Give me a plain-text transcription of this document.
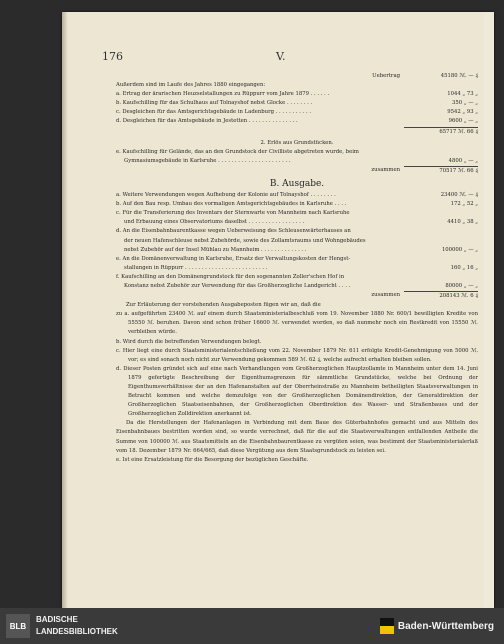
176	V.
Uebertrag	45180 ℳ. — ₰
Außerdem sind im Laufe des Jahres 1880 eingegangen:
a. Ertrag der ärarischen Heuzselstallungen zu Rüppurr vom Jahre 1879 . . . . . .	1044 „ 73 „
b. Kaufschilling für das Schulhaus auf Tolnayshof nebst Glocke . . . . . . . .	350 „ — „
c. Desgleichen für das Amtsgerichtsgebäude in Ladenburg . . . . . . . . . . .	9542 „ 93 „
d. Desgleichen für das Amtsgebäude in Jestetten . . . . . . . . . . . . . . .	9600 „ — „
65717 ℳ. 66 ₰
2. Erlös aus Grundstücken.
e. Kaufschilling für Gelände, das an den Grundstock der Civilliste abgetreten wurde, beim
Gymnasiumsgebäude in Karlsruhe . . . . . . . . . . . . . . . . . . . . . .	4800 „ — „
zusammen	70517 ℳ. 66 ₰
B. Ausgabe.
a. Weitere Verwendungen wegen Aufhebung der Kolonie auf Tolnayshof . . . . . . . .	23400 ℳ. — ₰
b. Auf den Bau resp. Umbau des vormaligen Amtsgerichtsgebäudes in Karlsruhe . . . .	172 „ 52 „
c. Für die Transferierung des Inventars der Sternwarte von Mannheim nach Karlsruhe
und Erbauung eines Observatoriums daselbst . . . . . . . . . . . . . . . . .	4410 „ 38 „
d. An die Eisenbahnbaurentkasse wegen Ueberweisung des Schleusenwärterhauses an
der neuen Hafenschleuse nebst Zubehörde, sowie des Zollamtsraums und Wohngebäudes
nebst Zubehör auf der Insel Mühlau zu Mannheim . . . . . . . . . . . . . .	100000 „ — „
e. An die Domänenverwaltung in Karlsruhe, Ersatz der Verwaltungskosten der Hengst-
stallungen in Rüppurr . . . . . . . . . . . . . . . . . . . . . . . . .	160 „ 16 „
f. Kaufschilling an den Domänengrundstock für den sogenannten Zoller'schen Hof in
Konstanz nebst Zubehör zur Verwendung für das Großherzogliche Landgericht . . . .	80000 „ — „
zusammen	208143 ℳ. 6 ₰
Zur Erläuterung der vorstehenden Ausgabeposten fügen wir an, daß die
zu a. aufgeführten 23400 ℳ. auf einem durch Staatsministerialbeschluß vom 19. November 1880 Nr. 600/1 bewilligten Kredite von 55550 ℳ. beruhen. Davon sind schon früher 16600 ℳ. verwendet worden, so daß nunmehr noch ein Restkredit von 15550 ℳ. verbleiben würde.
b. Wird durch die betreffenden Verwendungen belegt.
c. Hier liegt eine durch Staatsministerialentschließung vom 22. November 1879 Nr. 611 erfolgte Kredit-Genehmigung von 5000 ℳ. vor; es sind sonach noch nicht zur Verwendung gekommen 589 ℳ. 62 ₰, welche aufrecht erhalten bleiben sollen.
d. Dieser Posten gründet sich auf eine nach Verhandlungen vom Großherzoglichen Hauptzollamte in Mannheim unter dem 14. Juni 1879 gefertigte Beschreibung der Eigenthumsgrenzen für sämmtliche Grundstücke, welche bei Ordnung der Eigenthumsverhältnisse der an den Hafenanstalten auf der Oberrheinstraße zu Mannheim betheiligten Staatsverwaltungen in Betracht kommen und welche demzufolge von der Großherzoglichen Domänendirektion, der Generaldirektion der Großherzoglichen Staatseisenbahnen, der Großherzoglichen Oberdirektion des Wasser- und Straßenbaues und der Großherzoglichen Zolldirektion anerkannt ist.
Da die Herstellungen der Hafenanlagen in Verbindung mit dem Baue des Güterbahnhofes gemacht und aus Mitteln des Eisenbahnbaues bestritten worden sind, so wurde verrechnet, daß für die auf die Staatsverwaltungen entfallenden Antheile die Summe von 100000 ℳ. aus Staatsmitteln an die Eisenbahnbaurentkasse zu vergüten seien, was bestimmt der Staatsministerialerlaß vom 18. Dezember 1879 Nr. 664/665, daß diese Vergütung aus dem Staatsgrundstock zu leisten sei.
e. Ist eine Ersatzleistung für die Besorgung der bezüglichen Geschäfte.
BLB
BADISCHE
LANDESBIBLIOTHEK	Baden-Württemberg
